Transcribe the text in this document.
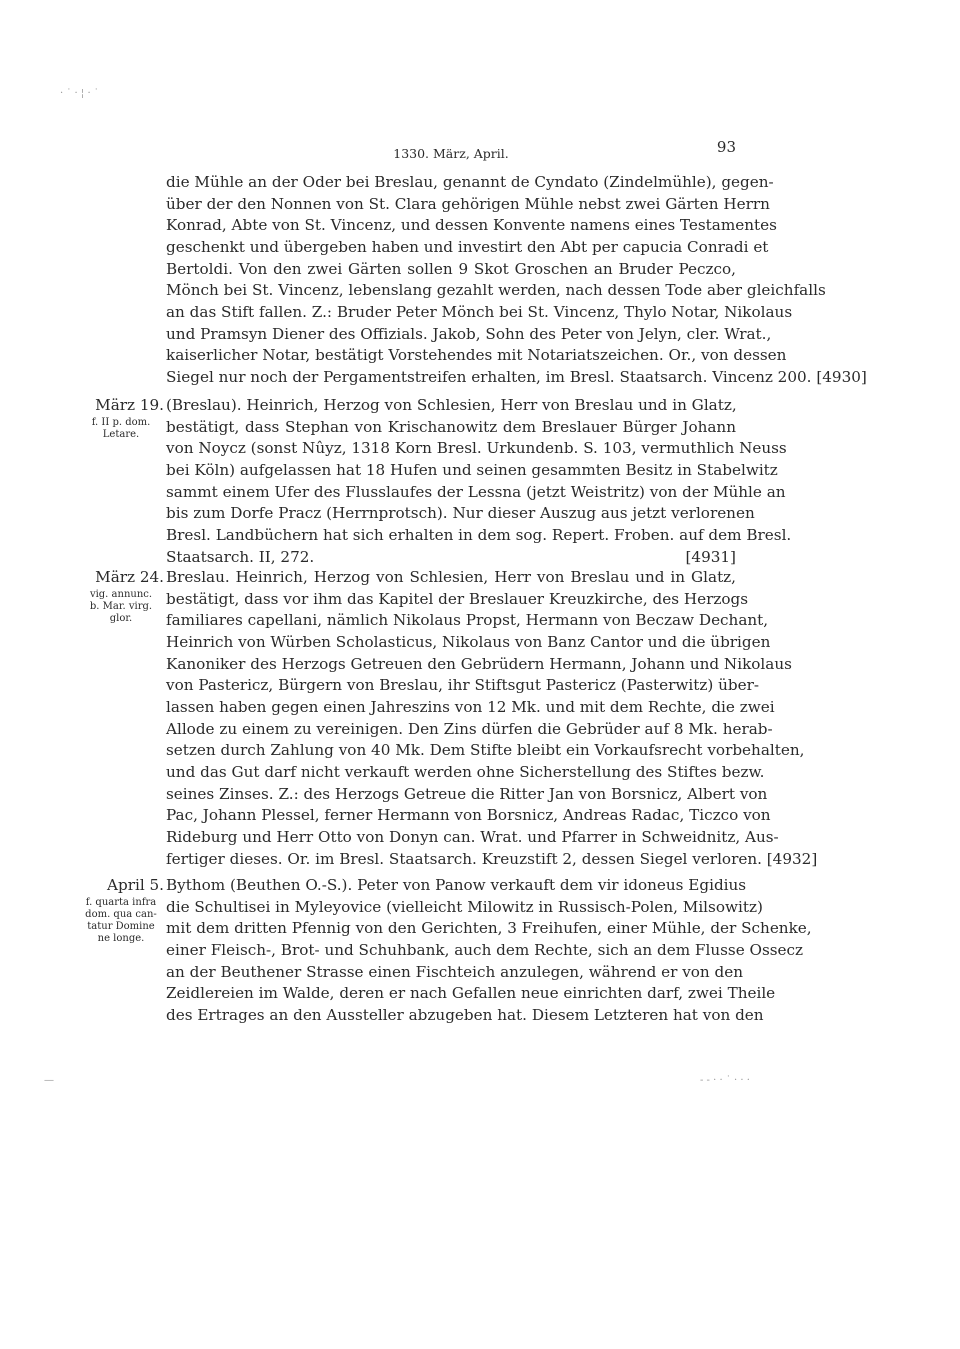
· ˙ · ¦ · ˙
—	- - · · ˙ · · ·
1330. März, April.	93
die Mühle an der Oder bei Breslau, genannt de Cyndato (Zindelmühle), gegen-
über der den Nonnen von St. Clara gehörigen Mühle nebst zwei Gärten Herrn
Konrad, Abte von St. Vincenz, und dessen Konvente namens eines Testamentes
geschenkt und übergeben haben und investirt den Abt per capucia Conradi et
Bertoldi. Von den zwei Gärten sollen 9 Skot Groschen an Bruder Peczco,
Mönch bei St. Vincenz, lebenslang gezahlt werden, nach dessen Tode aber gleichfalls
an das Stift fallen. Z.: Bruder Peter Mönch bei St. Vincenz, Thylo Notar, Nikolaus
und Pramsyn Diener des Offizials. Jakob, Sohn des Peter von Jelyn, cler. Wrat.,
kaiserlicher Notar, bestätigt Vorstehendes mit Notariatszeichen. Or., von dessen
Siegel nur noch der Pergamentstreifen erhalten, im Bresl. Staatsarch. Vincenz 200. [4930]
März 19.
f. II p. dom.
Letare.
(Breslau). Heinrich, Herzog von Schlesien, Herr von Breslau und in Glatz,
bestätigt, dass Stephan von Krischanowitz dem Breslauer Bürger Johann
von Noycz (sonst Nûyz, 1318 Korn Bresl. Urkundenb. S. 103, vermuthlich Neuss
bei Köln) aufgelassen hat 18 Hufen und seinen gesammten Besitz in Stabelwitz
sammt einem Ufer des Flusslaufes der Lessna (jetzt Weistritz) von der Mühle an
bis zum Dorfe Pracz (Herrnprotsch). Nur dieser Auszug aus jetzt verlorenen
Bresl. Landbüchern hat sich erhalten in dem sog. Repert. Froben. auf dem Bresl.
Staatsarch. II, 272.	[4931]
März 24.
vig. annunc.
b. Mar. virg.
glor.
Breslau. Heinrich, Herzog von Schlesien, Herr von Breslau und in Glatz,
bestätigt, dass vor ihm das Kapitel der Breslauer Kreuzkirche, des Herzogs
familiares capellani, nämlich Nikolaus Propst, Hermann von Beczaw Dechant,
Heinrich von Würben Scholasticus, Nikolaus von Banz Cantor und die übrigen
Kanoniker des Herzogs Getreuen den Gebrüdern Hermann, Johann und Nikolaus
von Pastericz, Bürgern von Breslau, ihr Stiftsgut Pastericz (Pasterwitz) über-
lassen haben gegen einen Jahreszins von 12 Mk. und mit dem Rechte, die zwei
Allode zu einem zu vereinigen. Den Zins dürfen die Gebrüder auf 8 Mk. herab-
setzen durch Zahlung von 40 Mk. Dem Stifte bleibt ein Vorkaufsrecht vorbehalten,
und das Gut darf nicht verkauft werden ohne Sicherstellung des Stiftes bezw.
seines Zinses. Z.: des Herzogs Getreue die Ritter Jan von Borsnicz, Albert von
Pac, Johann Plessel, ferner Hermann von Borsnicz, Andreas Radac, Ticzco von
Rideburg und Herr Otto von Donyn can. Wrat. und Pfarrer in Schweidnitz, Aus-
fertiger dieses. Or. im Bresl. Staatsarch. Kreuzstift 2, dessen Siegel verloren. [4932]
April 5.
f. quarta infra
dom. qua can-
tatur Domine
ne longe.
Bythom (Beuthen O.-S.). Peter von Panow verkauft dem vir idoneus Egidius
die Schultisei in Myleyovice (vielleicht Milowitz in Russisch-Polen, Milsowitz)
mit dem dritten Pfennig von den Gerichten, 3 Freihufen, einer Mühle, der Schenke,
einer Fleisch-, Brot- und Schuhbank, auch dem Rechte, sich an dem Flusse Ossecz
an der Beuthener Strasse einen Fischteich anzulegen, während er von den
Zeidlereien im Walde, deren er nach Gefallen neue einrichten darf, zwei Theile
des Ertrages an den Aussteller abzugeben hat. Diesem Letzteren hat von den
